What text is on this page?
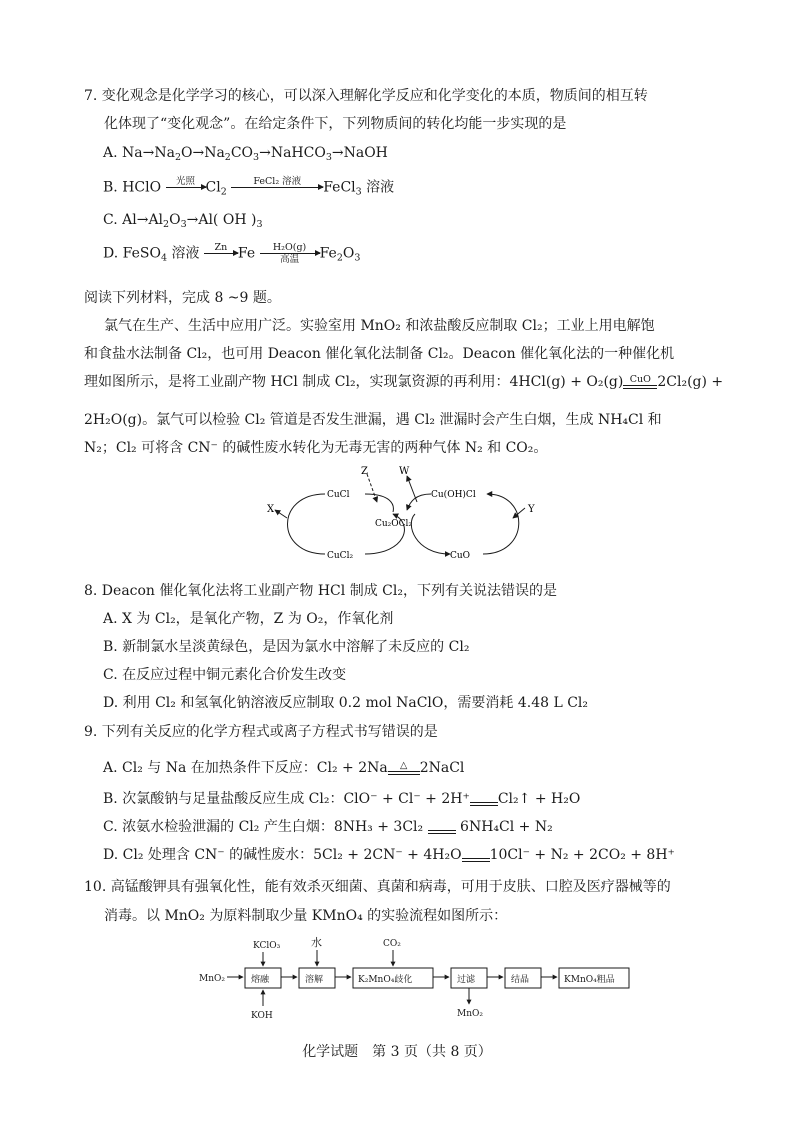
7. 变化观念是化学学习的核心，可以深入理解化学反应和化学变化的本质，物质间的相互转
化体现了“变化观念”。在给定条件下，下列物质间的转化均能一步实现的是
A. $Na\to Na_2O\to Na_2CO_3\to NaHCO_3\to NaOH$
B. HClO	光照
$Cl_2$
FeCl₂ 溶液
	FeCl$_3$ 溶液
C. $Al\to Al_2O_3\to Al$( OH )$_3$
D. FeSO$_4$ 溶液	Zn
Fe	H₂O(g)
高温	$Fe_2O_3$
阅读下列材料，完成 8 ~9 题。
氯气在生产、生活中应用广泛。实验室用 MnO₂ 和浓盐酸反应制取 Cl₂；工业上用电解饱
和食盐水法制备 Cl₂，也可用 Deacon 催化氧化法制备 Cl₂。Deacon 催化氧化法的一种催化机
理如图所示，是将工业副产物 HCl 制成 Cl₂，实现氯资源的再利用：4HCl(g) + O₂(g) CuO 2Cl₂(g) +
2H₂O(g)。氯气可以检验 Cl₂ 管道是否发生泄漏，遇 Cl₂ 泄漏时会产生白烟，生成 NH₄Cl 和
N₂；Cl₂ 可将含 CN⁻ 的碱性废水转化为无毒无害的两种气体 N₂ 和 CO₂。
CuCl
Z	W
Cu(OH)Cl
X
Cu₂OCl₂
Y
CuCl₂	CuO
8. Deacon 催化氧化法将工业副产物 HCl 制成 Cl₂，下列有关说法错误的是
A. X 为 Cl₂，是氧化产物，Z 为 O₂，作氧化剂
B. 新制氯水呈淡黄绿色，是因为氯水中溶解了未反应的 Cl₂
C. 在反应过程中铜元素化合价发生改变
D. 利用 Cl₂ 和氢氧化钠溶液反应制取 0.2 mol NaClO，需要消耗 4.48 L Cl₂
9. 下列有关反应的化学方程式或离子方程式书写错误的是
A. Cl₂ 与 Na 在加热条件下反应：Cl₂ + 2Na	△ 2NaCl
B. 次氯酸钠与足量盐酸反应生成 Cl₂：ClO⁻ + Cl⁻ + 2H⁺
Cl₂↑ + H₂O
C. 浓氨水检验泄漏的 Cl₂ 产生白烟：8NH₃ + 3Cl₂
	6NH₄Cl + N₂
D. Cl₂ 处理含 CN⁻ 的碱性废水：5Cl₂ + 2CN⁻ + 4H₂O
10Cl⁻ + N₂ + 2CO₂ + 8H⁺
10. 高锰酸钾具有强氧化性，能有效杀灭细菌、真菌和病毒，可用于皮肤、口腔及医疗器械等的
消毒。以 MnO₂ 为原料制取少量 KMnO₄ 的实验流程如图所示：
MnO₂	熔融
KClO₃
KOH
溶解
水
K₂MnO₄歧化
CO₂
过滤
MnO₂
结晶	KMnO₄粗品
化学试题　第 3 页（共 8 页）
